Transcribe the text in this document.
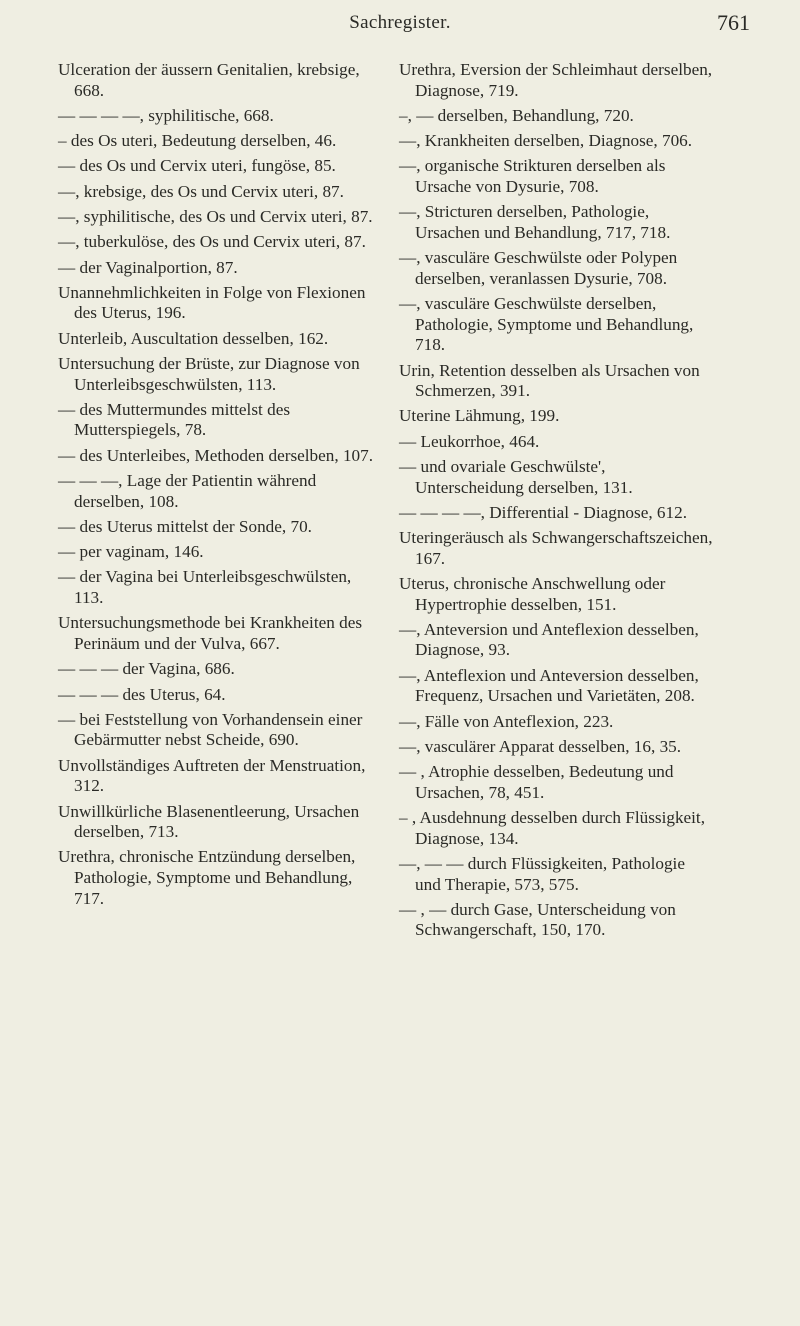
Sachregister.	761

Ulceration der äussern Genitalien, krebsige, 668.

— — — —, syphilitische, 668.

– des Os uteri, Bedeutung derselben, 46.

— des Os und Cervix uteri, fungöse, 85.

—, krebsige, des Os und Cervix uteri, 87.

—, syphilitische, des Os und Cervix uteri, 87.

—, tuberkulöse, des Os und Cervix uteri, 87.

— der Vaginalportion, 87.

Unannehmlichkeiten in Folge von Flexionen des Uterus, 196.

Unterleib, Auscultation desselben, 162.

Untersuchung der Brüste, zur Diagnose von Unterleibsgeschwülsten, 113.

— des Muttermundes mittelst des Mutterspiegels, 78.

— des Unterleibes, Methoden derselben, 107.

— — —, Lage der Patientin während derselben, 108.

— des Uterus mittelst der Sonde, 70.

— per vaginam, 146.

— der Vagina bei Unterleibsgeschwülsten, 113.

Untersuchungsmethode bei Krankheiten des Perinäum und der Vulva, 667.

— — — der Vagina, 686.

— — — des Uterus, 64.

— bei Feststellung von Vorhandensein einer Gebärmutter nebst Scheide, 690.

Unvollständiges Auftreten der Menstruation, 312.

Unwillkürliche Blasenentleerung, Ursachen derselben, 713.

Urethra, chronische Entzündung derselben, Pathologie, Symptome und Behandlung, 717.

Urethra, Eversion der Schleimhaut derselben, Diagnose, 719.

–, — derselben, Behandlung, 720.

—, Krankheiten derselben, Diagnose, 706.

—, organische Strikturen derselben als Ursache von Dysurie, 708.

—, Stricturen derselben, Pathologie, Ursachen und Behandlung, 717, 718.

—, vasculäre Geschwülste oder Polypen derselben, veranlassen Dysurie, 708.

—, vasculäre Geschwülste derselben, Pathologie, Symptome und Behandlung, 718.

Urin, Retention desselben als Ursachen von Schmerzen, 391.

Uterine Lähmung, 199.

— Leukorrhoe, 464.

— und ovariale Geschwülste', Unterscheidung derselben, 131.

— — — —, Differential - Diagnose, 612.

Uteringeräusch als Schwangerschaftszeichen, 167.

Uterus, chronische Anschwellung oder Hypertrophie desselben, 151.

—, Anteversion und Anteflexion desselben, Diagnose, 93.

—, Anteflexion und Anteversion desselben, Frequenz, Ursachen und Varietäten, 208.

—, Fälle von Anteflexion, 223.

—, vasculärer Apparat desselben, 16, 35.

— , Atrophie desselben, Bedeutung und Ursachen, 78, 451.

– , Ausdehnung desselben durch Flüssigkeit, Diagnose, 134.

—, — — durch Flüssigkeiten, Pathologie und Therapie, 573, 575.

— , — durch Gase, Unterscheidung von Schwangerschaft, 150, 170.
